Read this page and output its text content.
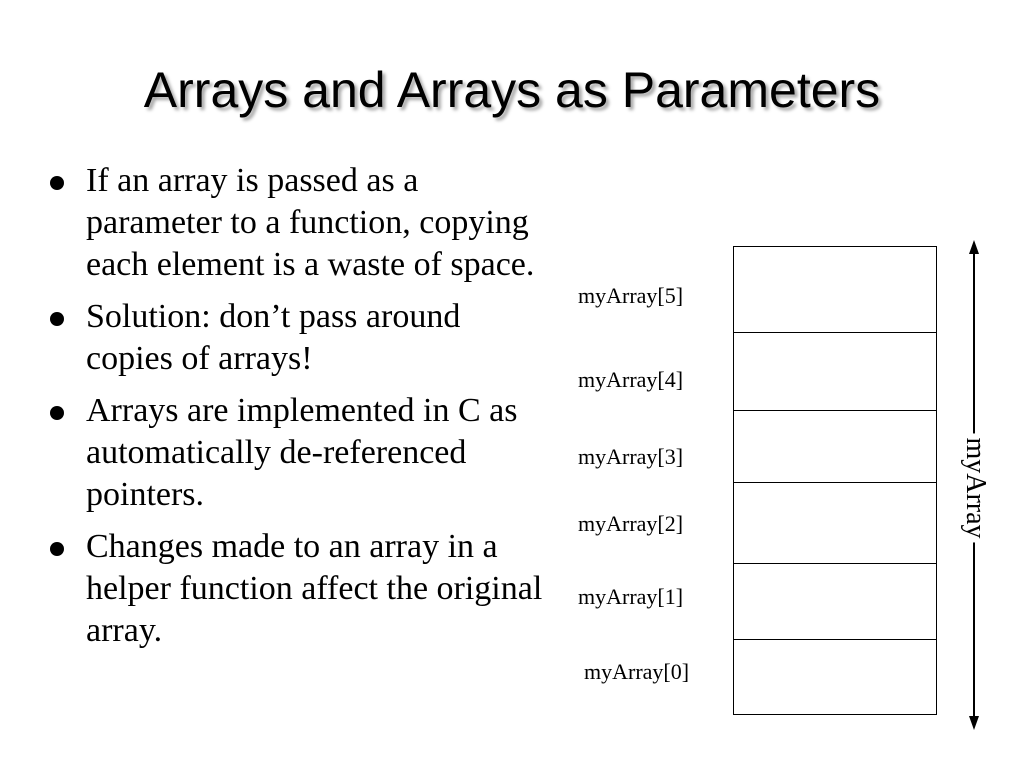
Arrays and Arrays as Parameters
If an array is passed as a parameter to a function, copying each element is a waste of space.
Solution: don’t pass around copies of arrays!
Arrays are implemented in C as automatically de-referenced pointers.
Changes made to an array in a helper function affect the original array.
myArray[5]
myArray[4]
myArray[3]
myArray[2]
myArray[1]
myArray[0]
myArray
